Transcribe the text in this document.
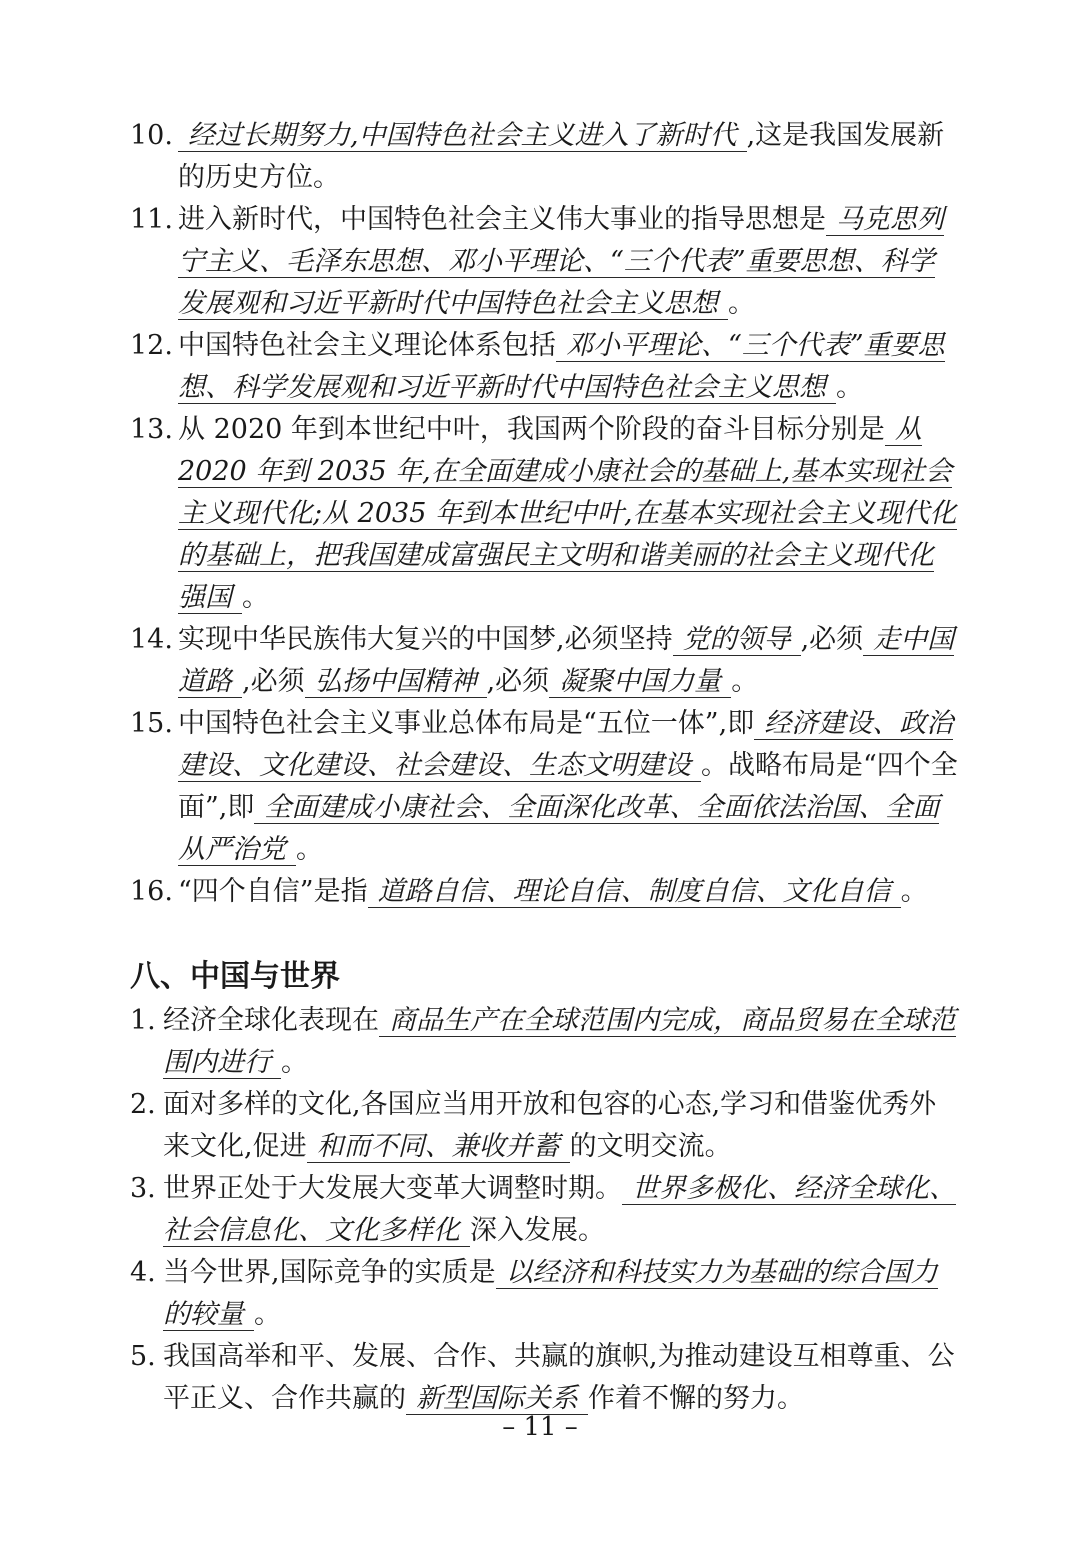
10. 经过长期努力,中国特色社会主义进入了新时代 ,这是我国发展新的历史方位。
11. 进入新时代，中国特色社会主义伟大事业的指导思想是 马克思列宁主义、毛泽东思想、邓小平理论、“三个代表”重要思想、科学发展观和习近平新时代中国特色社会主义思想 。
12. 中国特色社会主义理论体系包括 邓小平理论、“三个代表”重要思想、科学发展观和习近平新时代中国特色社会主义思想 。
13. 从 2020 年到本世纪中叶，我国两个阶段的奋斗目标分别是 从 2020 年到 2035 年,在全面建成小康社会的基础上,基本实现社会主义现代化;从 2035 年到本世纪中叶,在基本实现社会主义现代化的基础上，把我国建成富强民主文明和谐美丽的社会主义现代化强国 。
14. 实现中华民族伟大复兴的中国梦,必须坚持 党的领导 ,必须 走中国道路 ,必须 弘扬中国精神 ,必须 凝聚中国力量 。
15. 中国特色社会主义事业总体布局是“五位一体”,即 经济建设、政治建设、文化建设、社会建设、生态文明建设 。战略布局是“四个全面”,即 全面建成小康社会、全面深化改革、全面依法治国、全面从严治党 。
16. “四个自信”是指 道路自信、理论自信、制度自信、文化自信 。
八、中国与世界
1. 经济全球化表现在 商品生产在全球范围内完成，商品贸易在全球范围内进行 。
2. 面对多样的文化,各国应当用开放和包容的心态,学习和借鉴优秀外来文化,促进 和而不同、兼收并蓄 的文明交流。
3. 世界正处于大发展大变革大调整时期。 世界多极化、经济全球化、社会信息化、文化多样化 深入发展。
4. 当今世界,国际竞争的实质是 以经济和科技实力为基础的综合国力的较量 。
5. 我国高举和平、发展、合作、共赢的旗帜,为推动建设互相尊重、公平正义、合作共赢的 新型国际关系 作着不懈的努力。
– 11 –
